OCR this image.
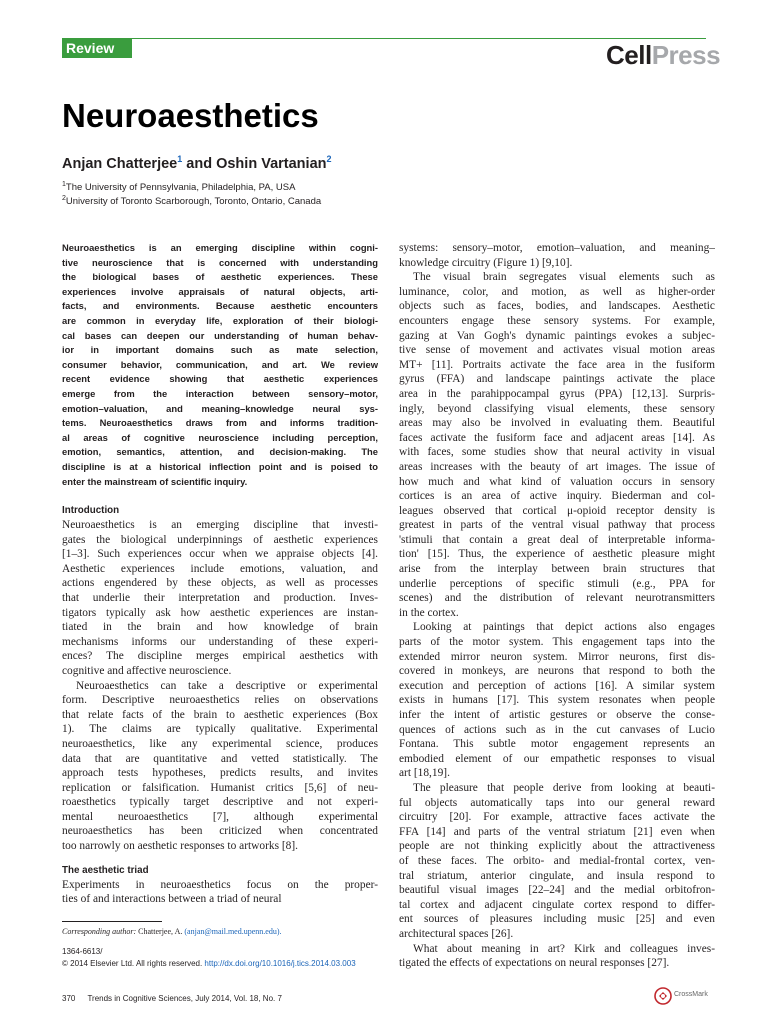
Review	CellPress
Neuroaesthetics
Anjan Chatterjee$^1$ and Oshin Vartanian$^2$
$^1$The University of Pennsylvania, Philadelphia, PA, USA
$^2$University of Toronto Scarborough, Toronto, Ontario, Canada
Neuroaesthetics is an emerging discipline within cogni-
tive neuroscience that is concerned with understanding
the biological bases of aesthetic experiences. These
experiences involve appraisals of natural objects, arti-
facts, and environments. Because aesthetic encounters
are common in everyday life, exploration of their biologi-
cal bases can deepen our understanding of human behav-
ior in important domains such as mate selection,
consumer behavior, communication, and art. We review
recent evidence showing that aesthetic experiences
emerge from the interaction between sensory–motor,
emotion–valuation, and meaning–knowledge neural sys-
tems. Neuroaesthetics draws from and informs tradition-
al areas of cognitive neuroscience including perception,
emotion, semantics, attention, and decision-making. The
discipline is at a historical inflection point and is poised to
enter the mainstream of scientific inquiry.
Introduction
Neuroaesthetics is an emerging discipline that investi-
gates the biological underpinnings of aesthetic experiences
[1–3]. Such experiences occur when we appraise objects [4].
Aesthetic experiences include emotions, valuation, and
actions engendered by these objects, as well as processes
that underlie their interpretation and production. Inves-
tigators typically ask how aesthetic experiences are instan-
tiated in the brain and how knowledge of brain
mechanisms informs our understanding of these experi-
ences? The discipline merges empirical aesthetics with
cognitive and affective neuroscience.
Neuroaesthetics can take a descriptive or experimental
form. Descriptive neuroaesthetics relies on observations
that relate facts of the brain to aesthetic experiences (Box
1). The claims are typically qualitative. Experimental
neuroaesthetics, like any experimental science, produces
data that are quantitative and vetted statistically. The
approach tests hypotheses, predicts results, and invites
replication or falsification. Humanist critics [5,6] of neu-
roaesthetics typically target descriptive and not experi-
mental neuroaesthetics [7], although experimental
neuroaesthetics has been criticized when concentrated
too narrowly on aesthetic responses to artworks [8].
The aesthetic triad
Experiments in neuroaesthetics focus on the proper-
ties of and interactions between a triad of neural
Corresponding author: Chatterjee, A. (anjan@mail.med.upenn.edu).
1364-6613/
© 2014 Elsevier Ltd. All rights reserved. http://dx.doi.org/10.1016/j.tics.2014.03.003
systems: sensory–motor, emotion–valuation, and meaning–
knowledge circuitry (Figure 1) [9,10].
The visual brain segregates visual elements such as
luminance, color, and motion, as well as higher-order
objects such as faces, bodies, and landscapes. Aesthetic
encounters engage these sensory systems. For example,
gazing at Van Gogh's dynamic paintings evokes a subjec-
tive sense of movement and activates visual motion areas
MT+ [11]. Portraits activate the face area in the fusiform
gyrus (FFA) and landscape paintings activate the place
area in the parahippocampal gyrus (PPA) [12,13]. Surpris-
ingly, beyond classifying visual elements, these sensory
areas may also be involved in evaluating them. Beautiful
faces activate the fusiform face and adjacent areas [14]. As
with faces, some studies show that neural activity in visual
areas increases with the beauty of art images. The issue of
how much and what kind of valuation occurs in sensory
cortices is an area of active inquiry. Biederman and col-
leagues observed that cortical μ-opioid receptor density is
greatest in parts of the ventral visual pathway that process
'stimuli that contain a great deal of interpretable informa-
tion' [15]. Thus, the experience of aesthetic pleasure might
arise from the interplay between brain structures that
underlie perceptions of specific stimuli (e.g., PPA for
scenes) and the distribution of relevant neurotransmitters
in the cortex.
Looking at paintings that depict actions also engages
parts of the motor system. This engagement taps into the
extended mirror neuron system. Mirror neurons, first dis-
covered in monkeys, are neurons that respond to both the
execution and perception of actions [16]. A similar system
exists in humans [17]. This system resonates when people
infer the intent of artistic gestures or observe the conse-
quences of actions such as in the cut canvases of Lucio
Fontana. This subtle motor engagement represents an
embodied element of our empathetic responses to visual
art [18,19].
The pleasure that people derive from looking at beauti-
ful objects automatically taps into our general reward
circuitry [20]. For example, attractive faces activate the
FFA [14] and parts of the ventral striatum [21] even when
people are not thinking explicitly about the attractiveness
of these faces. The orbito- and medial-frontal cortex, ven-
tral striatum, anterior cingulate, and insula respond to
beautiful visual images [22–24] and the medial orbitofron-
tal cortex and adjacent cingulate cortex respond to differ-
ent sources of pleasures including music [25] and even
architectural spaces [26].
What about meaning in art? Kirk and colleagues inves-
tigated the effects of expectations on neural responses [27].
370 Trends in Cognitive Sciences, July 2014, Vol. 18, No. 7	CrossMark
